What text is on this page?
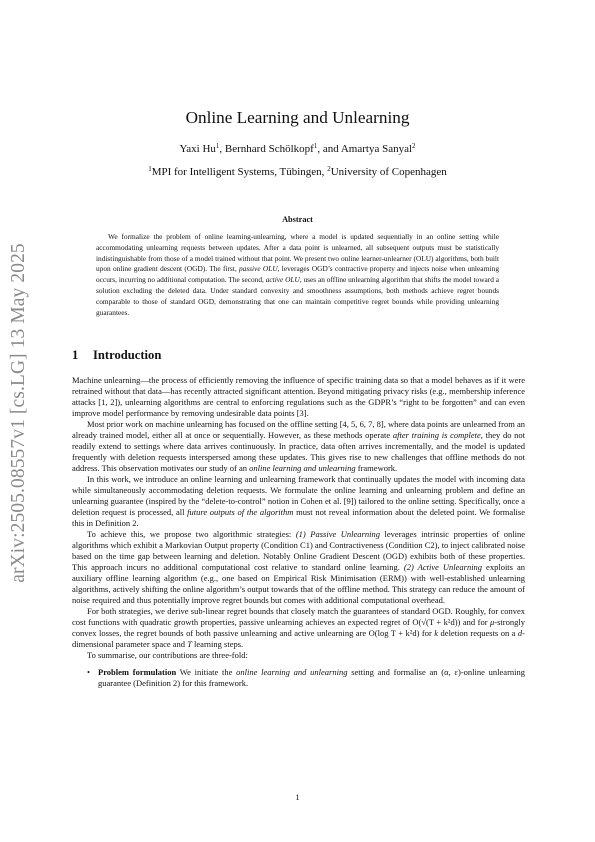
arXiv:2505.08557v1 [cs.LG] 13 May 2025
Online Learning and Unlearning
Yaxi Hu$^1$, Bernhard Schölkopf$^1$, and Amartya Sanyal$^2$
$^1$MPI for Intelligent Systems, Tübingen, $^2$University of Copenhagen
Abstract

We formalize the problem of online learning-unlearning, where a model is updated sequentially in an online setting while accommodating unlearning requests between updates. After a data point is unlearned, all subsequent outputs must be statistically indistinguishable from those of a model trained without that point. We present two online learner-unlearner (OLU) algorithms, both built upon online gradient descent (OGD). The first, passive OLU, leverages OGD’s contractive property and injects noise when unlearning occurs, incurring no additional computation. The second, active OLU, uses an offline unlearning algorithm that shifts the model toward a solution excluding the deleted data. Under standard convexity and smoothness assumptions, both methods achieve regret bounds comparable to those of standard OGD, demonstrating that one can maintain competitive regret bounds while providing unlearning guarantees.

1 Introduction

Machine unlearning—the process of efficiently removing the influence of specific training data so that a model behaves as if it were retrained without that data—has recently attracted significant attention. Beyond mitigating privacy risks (e.g., membership inference attacks [1, 2]), unlearning algorithms are central to enforcing regulations such as the GDPR’s “right to be forgotten” and can even improve model performance by removing undesirable data points [3].

Most prior work on machine unlearning has focused on the offline setting [4, 5, 6, 7, 8], where data points are unlearned from an already trained model, either all at once or sequentially. However, as these methods operate after training is complete, they do not readily extend to settings where data arrives continuously. In practice, data often arrives incrementally, and the model is updated frequently with deletion requests interspersed among these updates. This gives rise to new challenges that offline methods do not address. This observation motivates our study of an online learning and unlearning framework.

In this work, we introduce an online learning and unlearning framework that continually updates the model with incoming data while simultaneously accommodating deletion requests. We formulate the online learning and unlearning problem and define an unlearning guarantee (inspired by the “delete-to-control” notion in Cohen et al. [9]) tailored to the online setting. Specifically, once a deletion request is processed, all future outputs of the algorithm must not reveal information about the deleted point. We formalise this in Definition 2.

To achieve this, we propose two algorithmic strategies: (1) Passive Unlearning leverages intrinsic properties of online algorithms which exhibit a Markovian Output property (Condition C1) and Contractiveness (Condition C2), to inject calibrated noise based on the time gap between learning and deletion. Notably Online Gradient Descent (OGD) exhibits both of these properties. This approach incurs no additional computational cost relative to standard online learning. (2) Active Unlearning exploits an auxiliary offline learning algorithm (e.g., one based on Empirical Risk Minimisation (ERM)) with well-established unlearning algorithms, actively shifting the online algorithm’s output towards that of the offline method. This strategy can reduce the amount of noise required and thus potentially improve regret bounds but comes with additional computational overhead.

For both strategies, we derive sub-linear regret bounds that closely match the guarantees of standard OGD. Roughly, for convex cost functions with quadratic growth properties, passive unlearning achieves an expected regret of O(√(T + k²d)) and for μ-strongly convex losses, the regret bounds of both passive unlearning and active unlearning are O(log T + k²d) for k deletion requests on a d-dimensional parameter space and T learning steps.

To summarise, our contributions are three-fold:

• Problem formulation We initiate the online learning and unlearning setting and formalise an (α, ε)-online unlearning guarantee (Definition 2) for this framework.
1
